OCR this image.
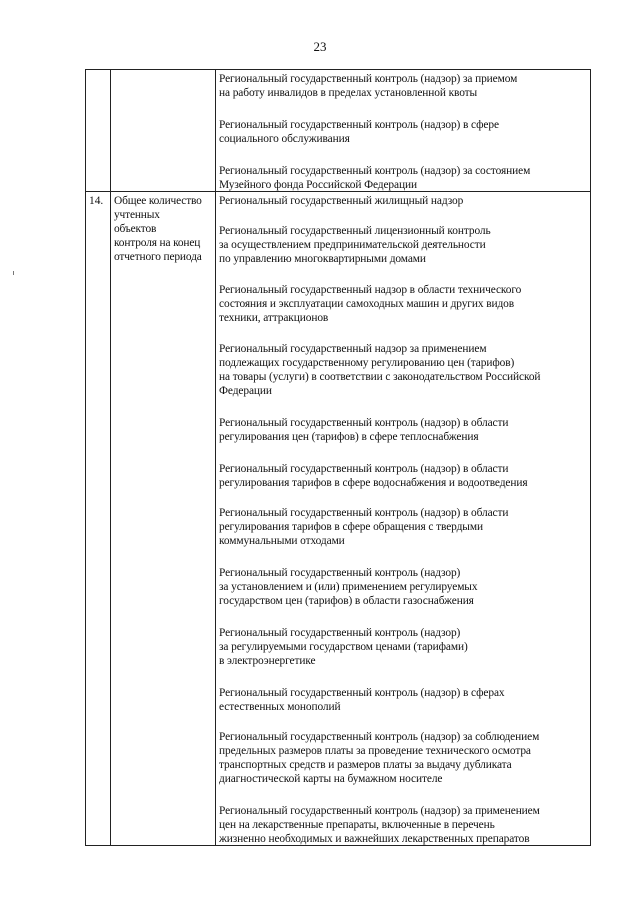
23
Региональный государственный контроль (надзор) за приемом
на работу инвалидов в пределах установленной квоты
Региональный государственный контроль (надзор) в сфере
социального обслуживания
Региональный государственный контроль (надзор) за состоянием
Музейного фонда Российской Федерации
14. Общее количество
учтенных
объектов
контроля на конец
отчетного периода
Региональный государственный жилищный надзор
Региональный государственный лицензионный контроль
за осуществлением предпринимательской деятельности
по управлению многоквартирными домами
Региональный государственный надзор в области технического
состояния и эксплуатации самоходных машин и других видов
техники, аттракционов
Региональный государственный надзор за применением
подлежащих государственному регулированию цен (тарифов)
на товары (услуги) в соответствии с законодательством Российской
Федерации
Региональный государственный контроль (надзор) в области
регулирования цен (тарифов) в сфере теплоснабжения
Региональный государственный контроль (надзор) в области
регулирования тарифов в сфере водоснабжения и водоотведения
Региональный государственный контроль (надзор) в области
регулирования тарифов в сфере обращения с твердыми
коммунальными отходами
Региональный государственный контроль (надзор)
за установлением и (или) применением регулируемых
государством цен (тарифов) в области газоснабжения
Региональный государственный контроль (надзор)
за регулируемыми государством ценами (тарифами)
в электроэнергетике
Региональный государственный контроль (надзор) в сферах
естественных монополий
Региональный государственный контроль (надзор) за соблюдением
предельных размеров платы за проведение технического осмотра
транспортных средств и размеров платы за выдачу дубликата
диагностической карты на бумажном носителе
Региональный государственный контроль (надзор) за применением
цен на лекарственные препараты, включенные в перечень
жизненно необходимых и важнейших лекарственных препаратов
